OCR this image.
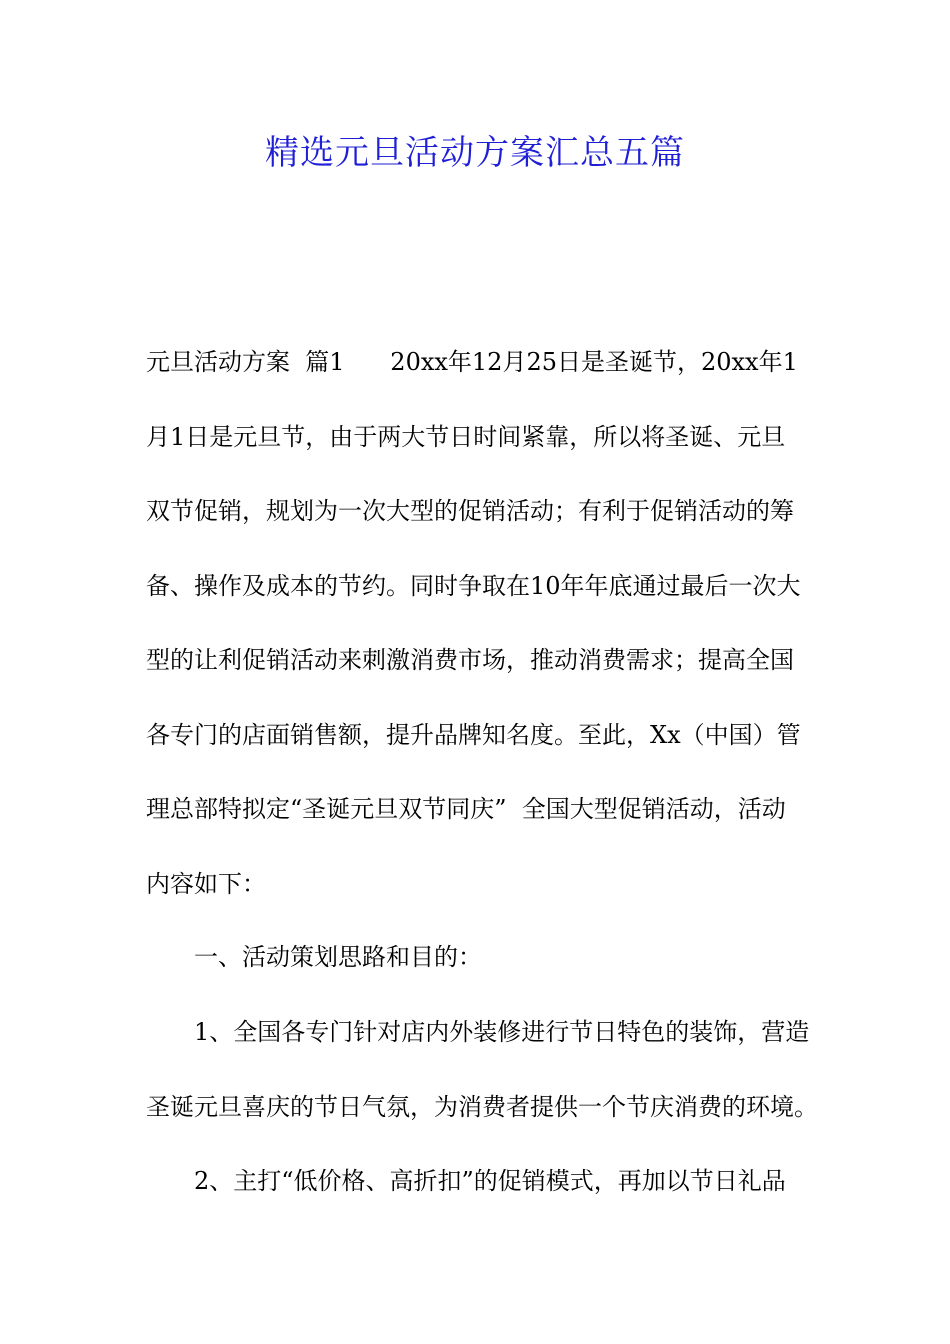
精选元旦活动方案汇总五篇
元旦活动方案  篇1      20xx年12月25日是圣诞节，20xx年1
月1日是元旦节，由于两大节日时间紧靠，所以将圣诞、元旦
双节促销，规划为一次大型的促销活动；有利于促销活动的筹
备、操作及成本的节约。同时争取在10年年底通过最后一次大
型的让利促销活动来刺激消费市场，推动消费需求；提高全国
各专门的店面销售额，提升品牌知名度。至此，Xx（中国）管
理总部特拟定“圣诞元旦双节同庆”  全国大型促销活动，活动
内容如下：
一、活动策划思路和目的：
1、全国各专门针对店内外装修进行节日特色的装饰，营造
圣诞元旦喜庆的节日气氛，为消费者提供一个节庆消费的环境。
2、主打“低价格、高折扣”的促销模式，再加以节日礼品
